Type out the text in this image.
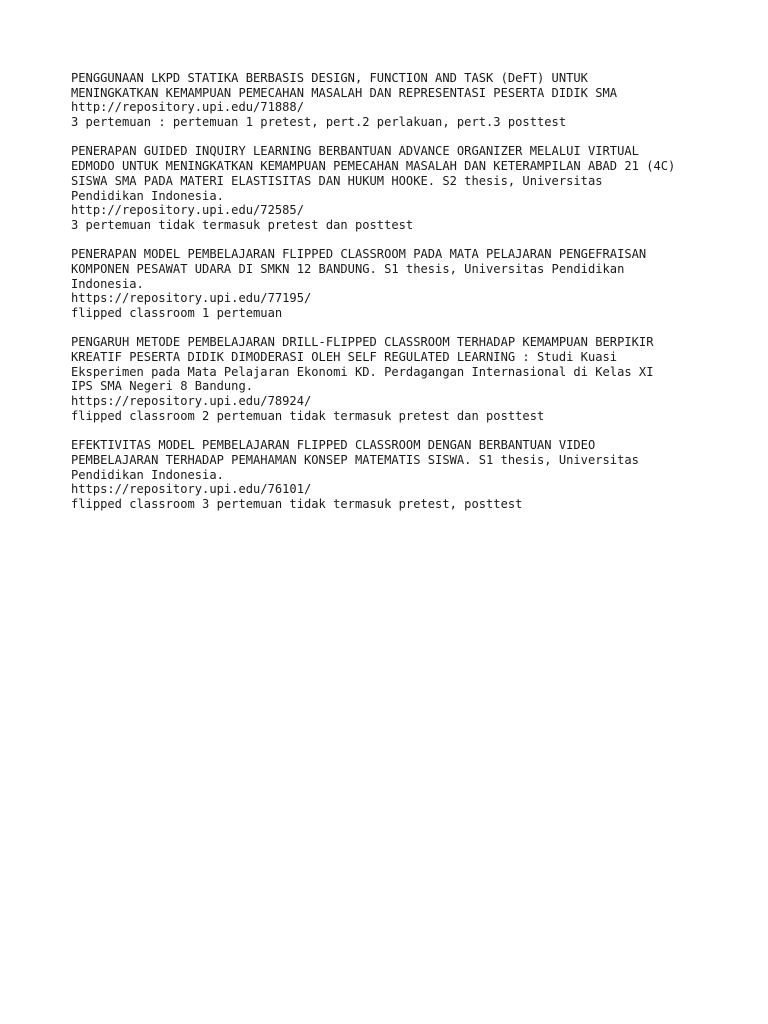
PENGGUNAAN LKPD STATIKA BERBASIS DESIGN, FUNCTION AND TASK (DeFT) UNTUK
MENINGKATKAN KEMAMPUAN PEMECAHAN MASALAH DAN REPRESENTASI PESERTA DIDIK SMA
http://repository.upi.edu/71888/
3 pertemuan : pertemuan 1 pretest, pert.2 perlakuan, pert.3 posttest
PENERAPAN GUIDED INQUIRY LEARNING BERBANTUAN ADVANCE ORGANIZER MELALUI VIRTUAL
EDMODO UNTUK MENINGKATKAN KEMAMPUAN PEMECAHAN MASALAH DAN KETERAMPILAN ABAD 21 (4C)
SISWA SMA PADA MATERI ELASTISITAS DAN HUKUM HOOKE. S2 thesis, Universitas
Pendidikan Indonesia.
http://repository.upi.edu/72585/
3 pertemuan tidak termasuk pretest dan posttest
PENERAPAN MODEL PEMBELAJARAN FLIPPED CLASSROOM PADA MATA PELAJARAN PENGEFRAISAN
KOMPONEN PESAWAT UDARA DI SMKN 12 BANDUNG. S1 thesis, Universitas Pendidikan
Indonesia.
https://repository.upi.edu/77195/
flipped classroom 1 pertemuan
PENGARUH METODE PEMBELAJARAN DRILL-FLIPPED CLASSROOM TERHADAP KEMAMPUAN BERPIKIR
KREATIF PESERTA DIDIK DIMODERASI OLEH SELF REGULATED LEARNING : Studi Kuasi
Eksperimen pada Mata Pelajaran Ekonomi KD. Perdagangan Internasional di Kelas XI
IPS SMA Negeri 8 Bandung.
https://repository.upi.edu/78924/
flipped classroom 2 pertemuan tidak termasuk pretest dan posttest
EFEKTIVITAS MODEL PEMBELAJARAN FLIPPED CLASSROOM DENGAN BERBANTUAN VIDEO
PEMBELAJARAN TERHADAP PEMAHAMAN KONSEP MATEMATIS SISWA. S1 thesis, Universitas
Pendidikan Indonesia.
https://repository.upi.edu/76101/
flipped classroom 3 pertemuan tidak termasuk pretest, posttest
